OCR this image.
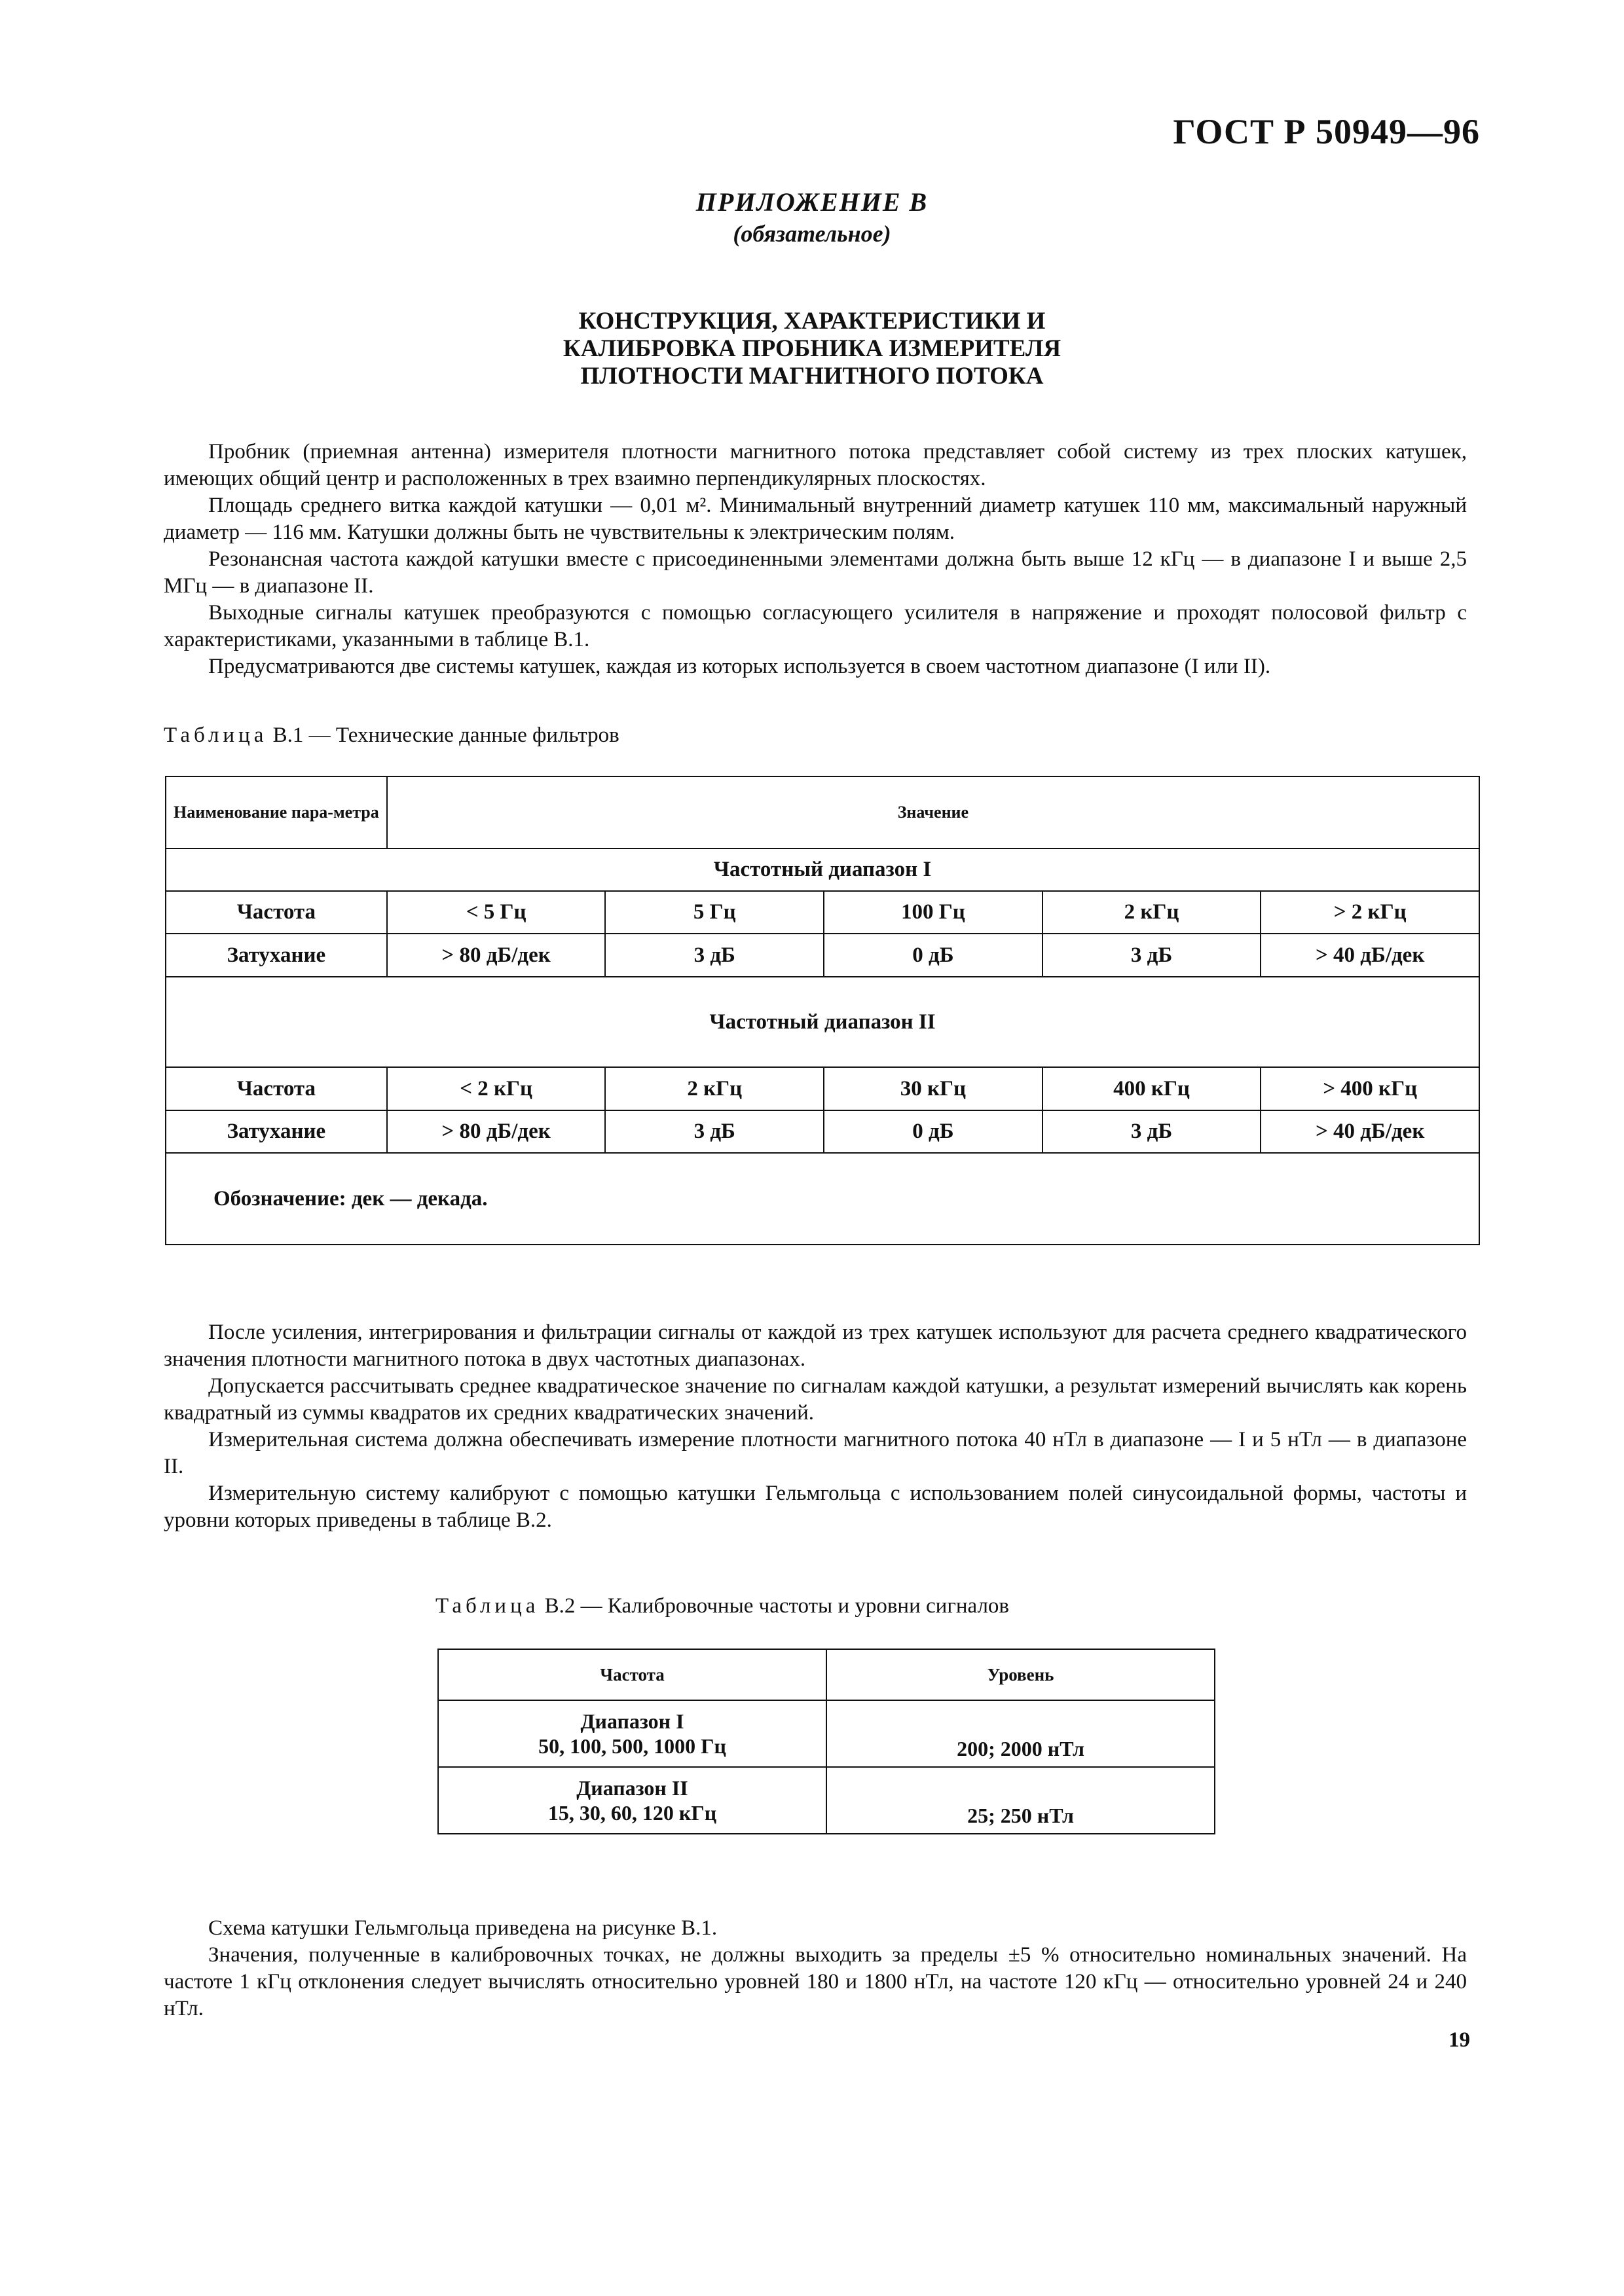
ГОСТ Р 50949—96
ПРИЛОЖЕНИЕ В
(обязательное)
КОНСТРУКЦИЯ, ХАРАКТЕРИСТИКИ И
КАЛИБРОВКА ПРОБНИКА ИЗМЕРИТЕЛЯ
ПЛОТНОСТИ МАГНИТНОГО ПОТОКА

Пробник (приемная антенна) измерителя плотности магнитного потока представляет собой систему из трех плоских катушек, имеющих общий центр и расположенных в трех взаимно перпендикулярных плоскостях.

Площадь среднего витка каждой катушки — 0,01 м². Минимальный внутренний диаметр катушек 110 мм, максимальный наружный диаметр — 116 мм. Катушки должны быть не чувствительны к электрическим полям.

Резонансная частота каждой катушки вместе с присоединенными элементами должна быть выше 12 кГц — в диапазоне I и выше 2,5 МГц — в диапазоне II.

Выходные сигналы катушек преобразуются с помощью согласующего усилителя в напряжение и проходят полосовой фильтр с характеристиками, указанными в таблице В.1.

Предусматриваются две системы катушек, каждая из которых используется в своем частотном диапазоне (I или II).

Таблица В.1 — Технические данные фильтров
Наименование пара-метра	Значение				
Частотный диапазон I					
Частота	< 5 Гц	5 Гц	100 Гц	2 кГц	> 2 кГц
Затухание	> 80 дБ/дек	3 дБ	0 дБ	3 дБ	> 40 дБ/дек
Частотный диапазон II					
Частота	< 2 кГц	2 кГц	30 кГц	400 кГц	> 400 кГц
Затухание	> 80 дБ/дек	3 дБ	0 дБ	3 дБ	> 40 дБ/дек
Обозначение: дек — декада.					

После усиления, интегрирования и фильтрации сигналы от каждой из трех катушек используют для расчета среднего квадратического значения плотности магнитного потока в двух частотных диапазонах.

Допускается рассчитывать среднее квадратическое значение по сигналам каждой катушки, а результат измерений вычислять как корень квадратный из суммы квадратов их средних квадратических значений.

Измерительная система должна обеспечивать измерение плотности магнитного потока 40 нТл в диапазоне — I и 5 нТл — в диапазоне II.

Измерительную систему калибруют с помощью катушки Гельмгольца с использованием полей синусоидальной формы, частоты и уровни которых приведены в таблице В.2.

Таблица В.2 — Калибровочные частоты и уровни сигналов
Частота	Уровень

Диапазон I
50, 100, 500, 1000 Гц	200; 2000 нТл

Диапазон II
15, 30, 60, 120 кГц	25; 250 нТл

Схема катушки Гельмгольца приведена на рисунке В.1.

Значения, полученные в калибровочных точках, не должны выходить за пределы ±5 % относительно номинальных значений. На частоте 1 кГц отклонения следует вычислять относительно уровней 180 и 1800 нТл, на частоте 120 кГц — относительно уровней 24 и 240 нТл.

19
